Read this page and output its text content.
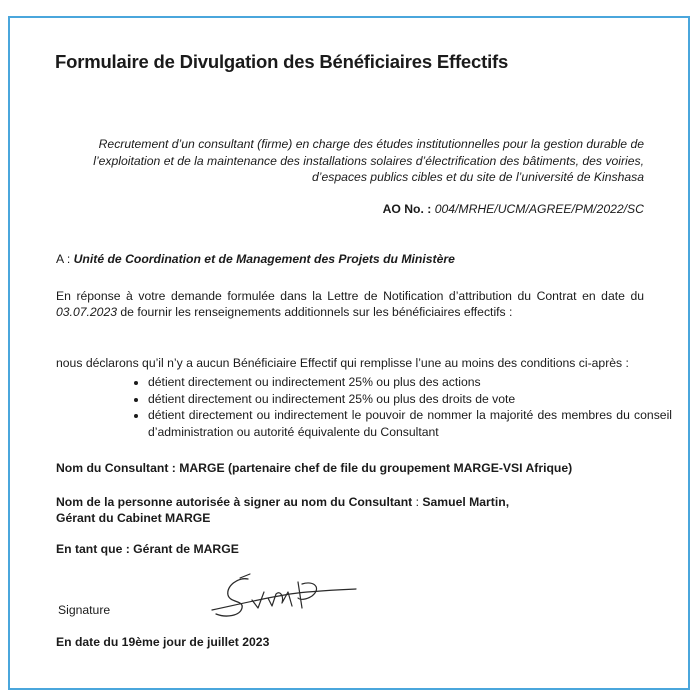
Formulaire de Divulgation des Bénéficiaires Effectifs
Recrutement d’un consultant (firme) en charge des études institutionnelles pour la gestion durable de l’exploitation et de la maintenance des installations solaires d’électrification des bâtiments, des voiries, d’espaces publics cibles et du site de l’université de Kinshasa
AO No. : 004/MRHE/UCM/AGREE/PM/2022/SC
A : Unité de Coordination et de Management des Projets du Ministère
En réponse à votre demande formulée dans la Lettre de Notification d’attribution du Contrat en date du 03.07.2023 de fournir les renseignements additionnels sur les bénéficiaires effectifs :
nous déclarons qu’il n’y a aucun Bénéficiaire Effectif qui remplisse l’une au moins des conditions ci-après :
• détient directement ou indirectement 25% ou plus des actions
• détient directement ou indirectement 25% ou plus des droits de vote
• détient directement ou indirectement le pouvoir de nommer la majorité des membres du conseil d’administration ou autorité équivalente du Consultant
Nom du Consultant : MARGE (partenaire chef de file du groupement MARGE-VSI Afrique)
Nom de la personne autorisée à signer au nom du Consultant : Samuel Martin, Gérant du Cabinet MARGE
En tant que : Gérant de MARGE
Signature
En date du 19ème jour de juillet 2023
